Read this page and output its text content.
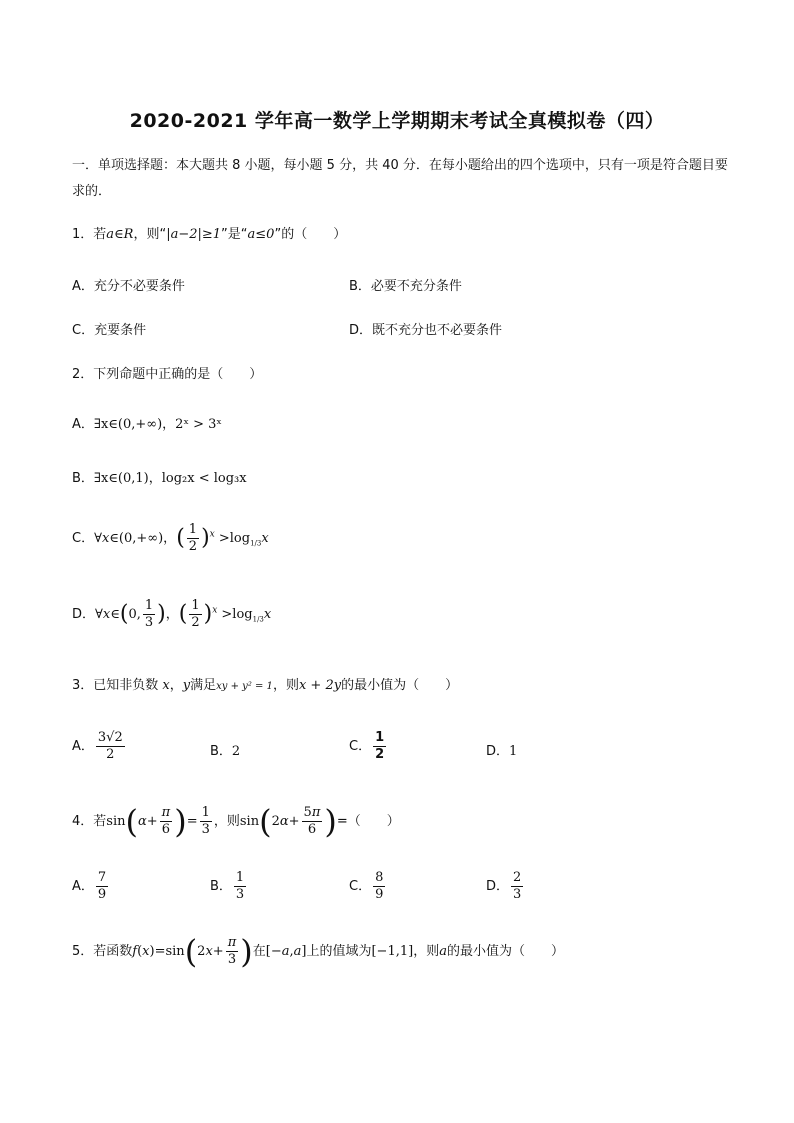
2020-2021 学年高一数学上学期期末考试全真模拟卷（四）
一．单项选择题：本大题共 8 小题，每小题 5 分，共 40 分．在每小题给出的四个选项中，只有一项是符合题目要求的．
1．若a∈R，则“|a−2|≥1”是“a≤0”的（　　）
A．充分不必要条件	B．必要不充分条件
C．充要条件	D．既不充分也不必要条件
2．下列命题中正确的是（　　）
A．∃x∈(0,+∞)，2ˣ > 3ˣ
B．∃x∈(0,1)，log₂x < log₃x
C．∀x∈(0,+∞)，( $\frac{1}{2} )^x >\log_{1/3}x$
D．∀x∈(0, $\frac{1}{3}$ )，( $\frac{1}{2} )^x >\log_{1/3}x$
3．已知非负数 x，y满足xy + y² = 1，则x + 2y的最小值为（　　）
A． $\frac{3√2}{2}$	B．2	C． $\frac{1}{2}$	D．1
4．若$\sin(\alpha+ \frac{\pi}{6}$ )= $\frac{1}{3}$ ，则$\sin(2\alpha+ \frac{5\pi}{6}$ )=（　　）
A． $\frac{7}{9}$	B． $\frac{1}{3}$	C． $\frac{8}{9}$	D． $\frac{2}{3}$
5．若函数$f(x)=\sin(2x+ \frac{\pi}{3}$ )在[−a,a]上的值域为[−1,1]，则a的最小值为（　　）
